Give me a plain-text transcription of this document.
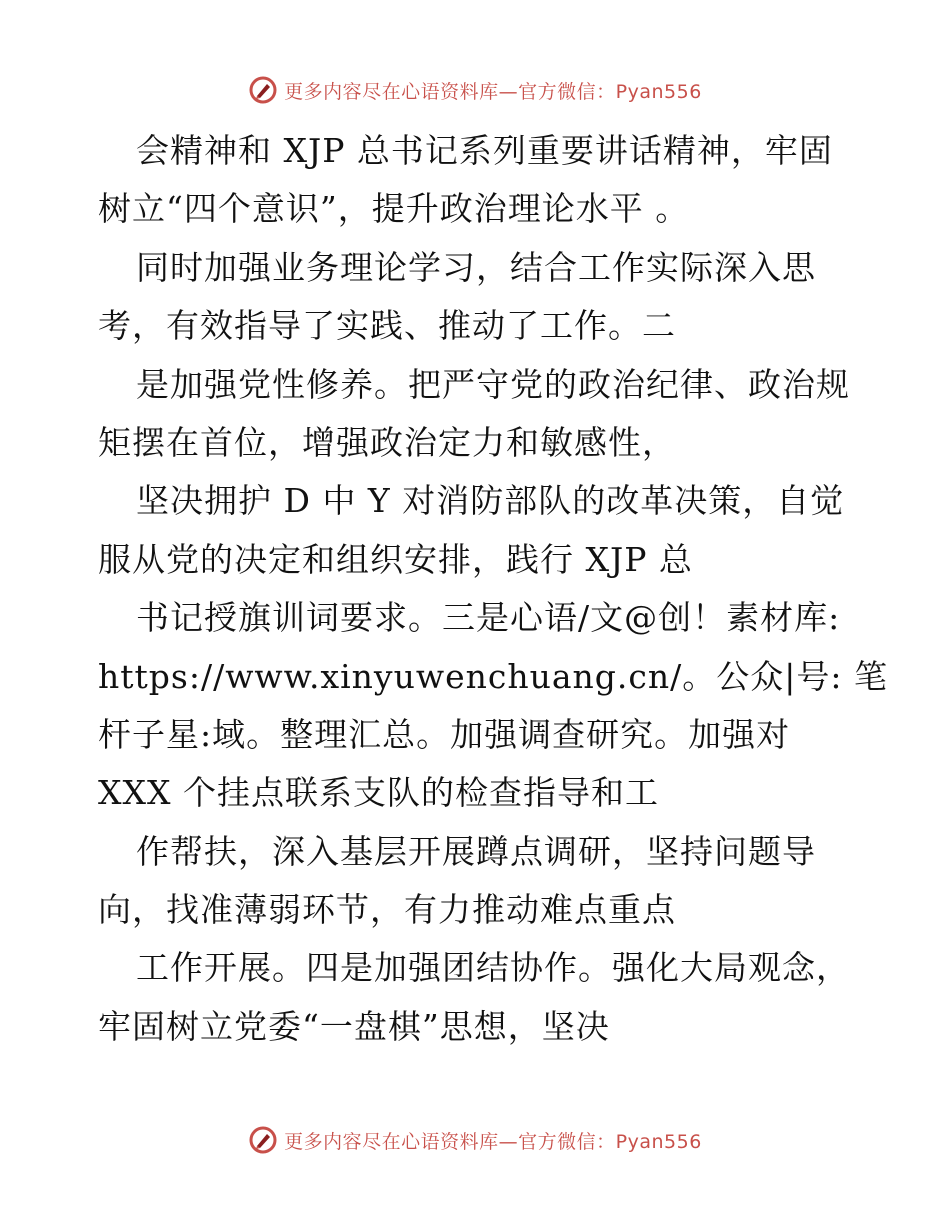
更多内容尽在心语资料库—官方微信：Pyan556
会精神和 XJP 总书记系列重要讲话精神，牢固
树立“四个意识”，提升政治理论水平 。
同时加强业务理论学习，结合工作实际深入思
考，有效指导了实践、推动了工作。二
是加强党性修养。把严守党的政治纪律、政治规
矩摆在首位，增强政治定力和敏感性，
坚决拥护 D 中 Y 对消防部队的改革决策，自觉
服从党的决定和组织安排，践行 XJP 总
书记授旗训词要求。三是心语/文@创！素材库:
https://www.xinyuwenchuang.cn/。公众|号: 笔
杆子星:域。整理汇总。加强调查研究。加强对
XXX 个挂点联系支队的检查指导和工
作帮扶，深入基层开展蹲点调研，坚持问题导
向，找准薄弱环节，有力推动难点重点
工作开展。四是加强团结协作。强化大局观念，
牢固树立党委“一盘棋”思想，坚决
更多内容尽在心语资料库—官方微信：Pyan556
